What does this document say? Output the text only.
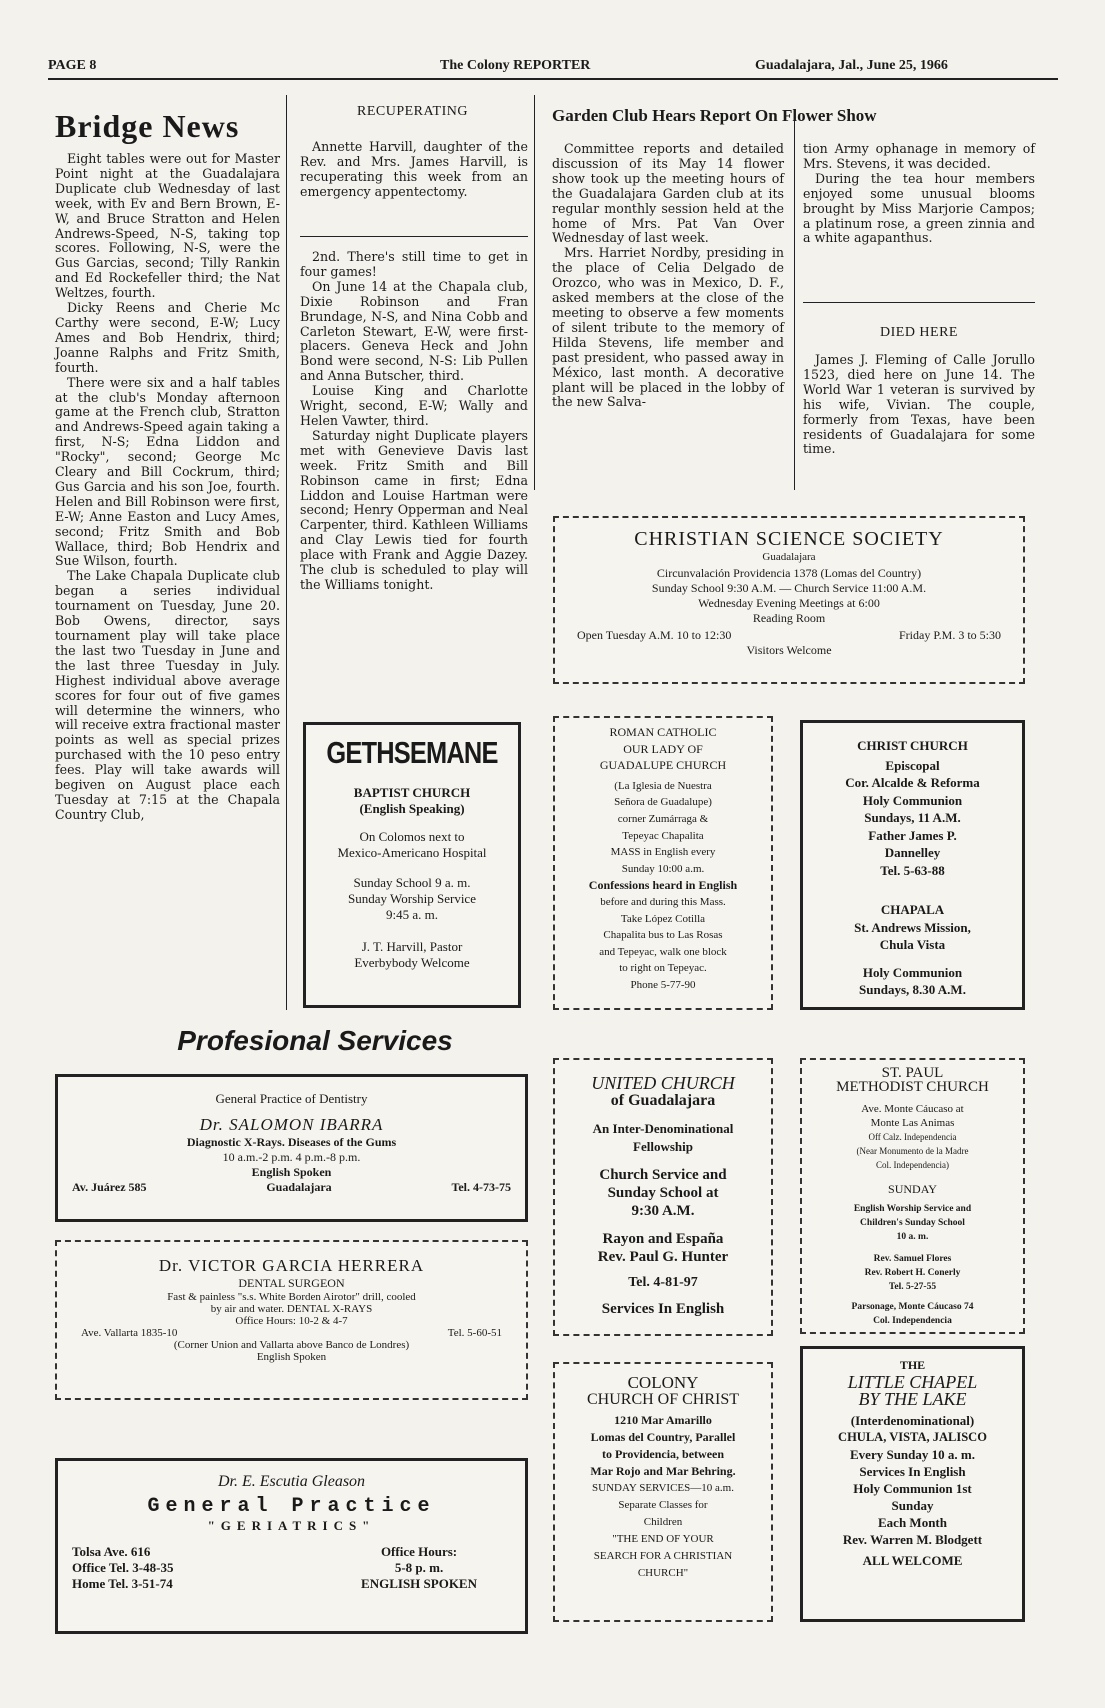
PAGE 8	The Colony REPORTER	Guadalajara, Jal., June 25, 1966
Bridge News

Eight tables were out for Master Point night at the Guadalajara Duplicate club Wednesday of last week, with Ev and Bern Brown, E-W, and Bruce Stratton and Helen Andrews-Speed, N-S, taking top scores. Following, N-S, were the Gus Garcias, second; Tilly Rankin and Ed Rockefeller third; the Nat Weltzes, fourth.

Dicky Reens and Cherie Mc Carthy were second, E-W; Lucy Ames and Bob Hendrix, third; Joanne Ralphs and Fritz Smith, fourth.

There were six and a half tables at the club's Monday afternoon game at the French club, Stratton and Andrews-Speed again taking a first, N-S; Edna Liddon and "Rocky", second; George Mc Cleary and Bill Cockrum, third; Gus Garcia and his son Joe, fourth. Helen and Bill Robinson were first, E-W; Anne Easton and Lucy Ames, second; Fritz Smith and Bob Wallace, third; Bob Hendrix and Sue Wilson, fourth.

The Lake Chapala Duplicate club began a series individual tournament on Tuesday, June 20. Bob Owens, director, says tournament play will take place the last two Tuesday in June and the last three Tuesday in July. Highest individual above average scores for four out of five games will determine the winners, who will receive extra fractional master points as well as special prizes purchased with the 10 peso entry fees. Play will take awards will begiven on August place each Tuesday at 7:15 at the Chapala Country Club,

RECUPERATING

Annette Harvill, daughter of the Rev. and Mrs. James Harvill, is recuperating this week from an emergency appentectomy.

2nd. There's still time to get in four games!

On June 14 at the Chapala club, Dixie Robinson and Fran Brundage, N-S, and Nina Cobb and Carleton Stewart, E-W, were first-placers. Geneva Heck and John Bond were second, N-S: Lib Pullen and Anna Butscher, third.

Louise King and Charlotte Wright, second, E-W; Wally and Helen Vawter, third.

Saturday night Duplicate players met with Genevieve Davis last week. Fritz Smith and Bill Robinson came in first; Edna Liddon and Louise Hartman were second; Henry Opperman and Neal Carpenter, third. Kathleen Williams and Clay Lewis tied for fourth place with Frank and Aggie Dazey. The club is scheduled to play will the Williams tonight.

Garden Club Hears Report On Flower Show

Committee reports and detailed discussion of its May 14 flower show took up the meeting hours of the Guadalajara Garden club at its regular monthly session held at the home of Mrs. Pat Van Over Wednesday of last week.

Mrs. Harriet Nordby, presiding in the place of Celia Delgado de Orozco, who was in Mexico, D. F., asked members at the close of the meeting to observe a few moments of silent tribute to the memory of Hilda Stevens, life member and past president, who passed away in México, last month. A decorative plant will be placed in the lobby of the new Salva-

tion Army ophanage in memory of Mrs. Stevens, it was decided.

During the tea hour members enjoyed some unusual blooms brought by Miss Marjorie Campos; a platinum rose, a green zinnia and a white agapanthus.

DIED HERE

James J. Fleming of Calle Jorullo 1523, died here on June 14. The World War 1 veteran is survived by his wife, Vivian. The couple, formerly from Texas, have been residents of Guadalajara for some time.

CHRISTIAN SCIENCE SOCIETY
Guadalajara
Circunvalación Providencia 1378 (Lomas del Country)
Sunday School 9:30 A.M. — Church Service 11:00 A.M.
Wednesday Evening Meetings at 6:00
Reading Room
Open Tuesday A.M. 10 to 12:30	Friday P.M. 3 to 5:30
Visitors Welcome
GETHSEMANE
BAPTIST CHURCH
(English Speaking)
On Colomos next to
Mexico-Americano Hospital
Sunday School 9 a. m.
Sunday Worship Service
9:45 a. m.
J. T. Harvill, Pastor
Everbybody Welcome
ROMAN CATHOLIC
OUR LADY OF
GUADALUPE CHURCH
(La Iglesia de Nuestra
Señora de Guadalupe)
corner Zumárraga &
Tepeyac Chapalita
MASS in English every
Sunday 10:00 a.m.
Confessions heard in English
before and during this Mass.
Take López Cotilla
Chapalita bus to Las Rosas
and Tepeyac, walk one block
to right on Tepeyac.
Phone 5-77-90
CHRIST CHURCH
Episcopal
Cor. Alcalde & Reforma
Holy Communion
Sundays, 11 A.M.
Father James P.
Dannelley
Tel. 5-63-88
CHAPALA
St. Andrews Mission,
Chula Vista
Holy Communion
Sundays, 8.30 A.M.
Profesional Services
General Practice of Dentistry
Dr. SALOMON IBARRA
Diagnostic X-Rays. Diseases of the Gums
10 a.m.-2 p.m. 4 p.m.-8 p.m.
English Spoken
Av. Juárez 585	Guadalajara	Tel. 4-73-75
Dr. VICTOR GARCIA HERRERA
DENTAL SURGEON
Fast & painless "s.s. White Borden Airotor" drill, cooled
by air and water. DENTAL X-RAYS
Office Hours: 10-2 & 4-7
Ave. Vallarta 1835-10	Tel. 5-60-51
(Corner Union and Vallarta above Banco de Londres)
English Spoken
Dr. E. Escutia Gleason
General Practice
"GERIATRICS"
Tolsa Ave. 616
Office Tel. 3-48-35
Home Tel. 3-51-74
Office Hours:
5-8 p. m.
ENGLISH SPOKEN
UNITED CHURCH
of Guadalajara
An Inter-Denominational
Fellowship
Church Service and
Sunday School at
9:30 A.M.
Rayon and España
Rev. Paul G. Hunter
Tel. 4-81-97
Services In English
ST. PAUL
METHODIST CHURCH
Ave. Monte Cáucaso at
Monte Las Animas
Off Calz. Independencia
(Near Monumento de la Madre
Col. Independencia)
SUNDAY
English Worship Service and
Children's Sunday School
10 a. m.
Rev. Samuel Flores
Rev. Robert H. Conerly
Tel. 5-27-55
Parsonage, Monte Cáucaso 74
Col. Independencia
COLONY
CHURCH OF CHRIST
1210 Mar Amarillo
Lomas del Country, Parallel
to Providencia, between
Mar Rojo and Mar Behring.
SUNDAY SERVICES—10 a.m.
Separate Classes for
Children
"THE END OF YOUR
SEARCH FOR A CHRISTIAN
CHURCH"
THE
LITTLE CHAPEL
BY THE LAKE
(Interdenominational)
CHULA, VISTA, JALISCO
Every Sunday 10 a. m.
Services In English
Holy Communion 1st
Sunday
Each Month
Rev. Warren M. Blodgett
ALL WELCOME
